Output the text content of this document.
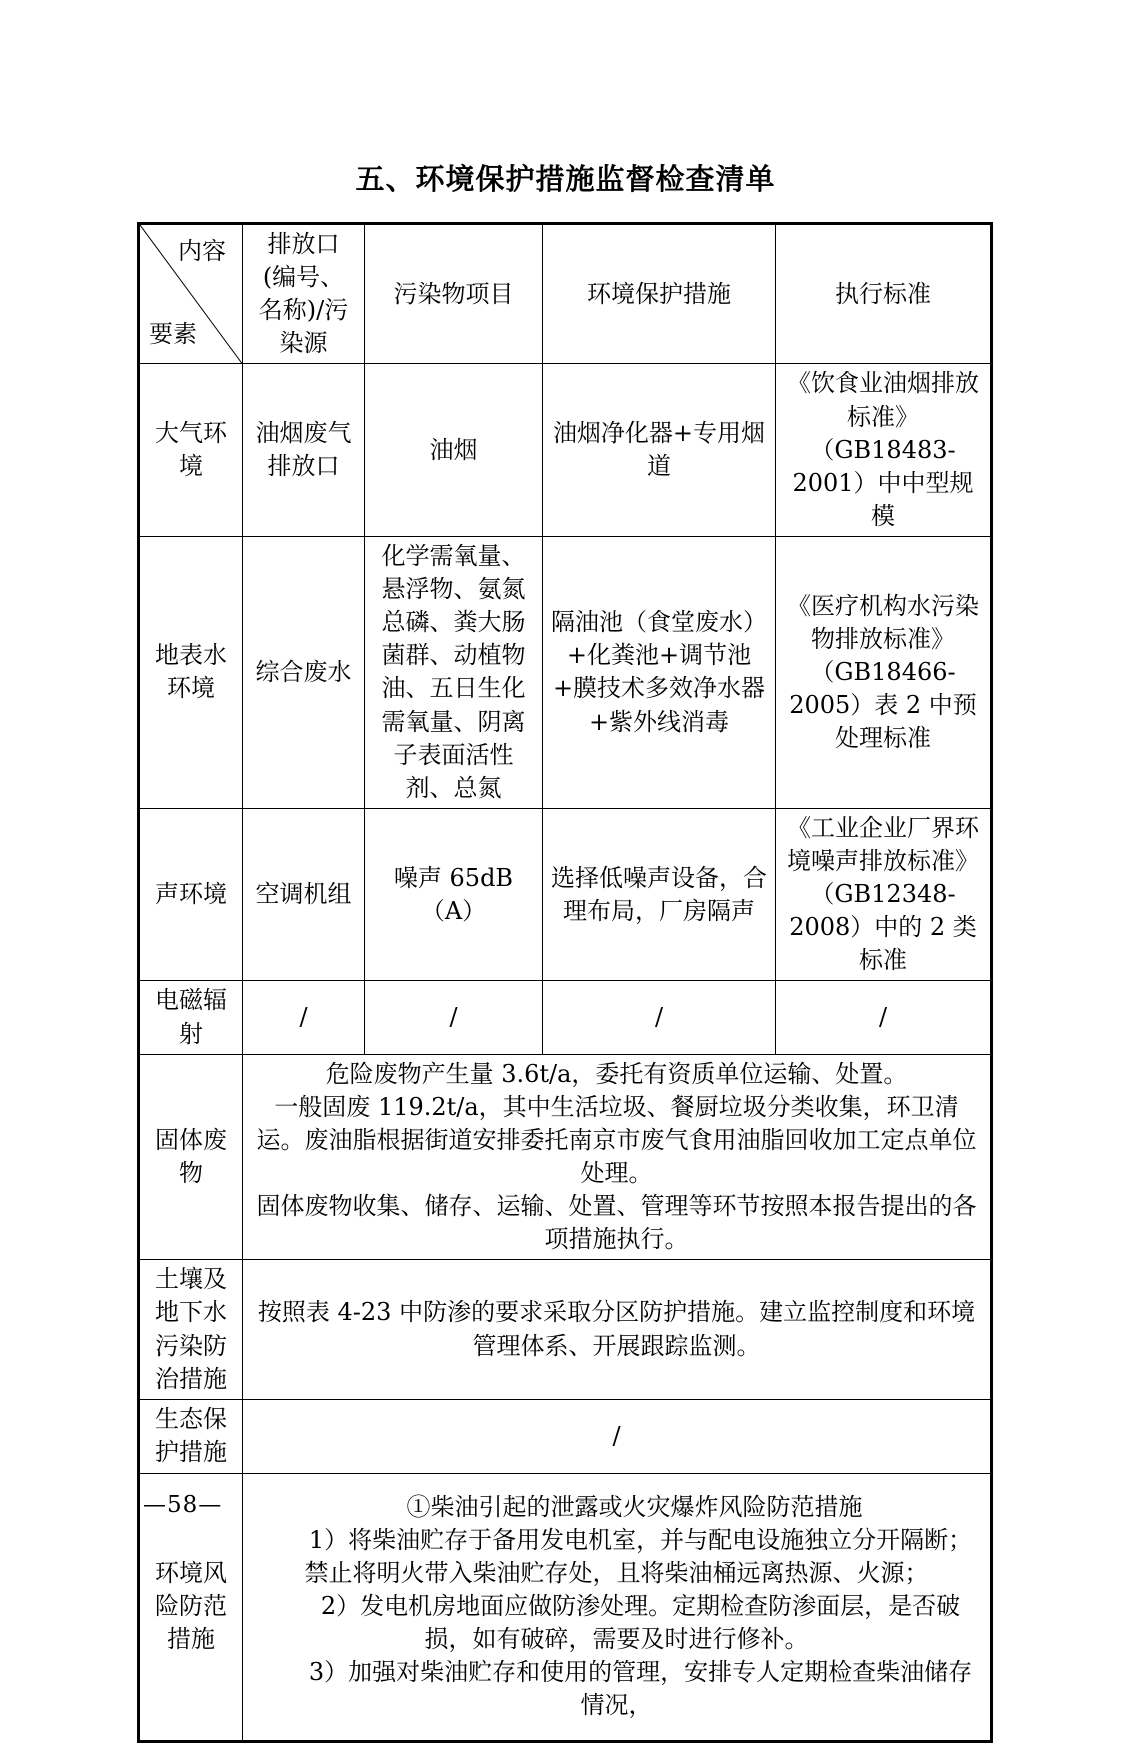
五、环境保护措施监督检查清单
内容
要素	排放口(编号、名称)/污染源	污染物项目	环境保护措施	执行标准
大气环境	油烟废气排放口	油烟	油烟净化器+专用烟道	《饮食业油烟排放标准》（GB18483-2001）中中型规模
地表水环境	综合废水	化学需氧量、悬浮物、氨氮总磷、粪大肠菌群、动植物油、五日生化需氧量、阴离子表面活性剂、总氮	隔油池（食堂废水）+化粪池+调节池+膜技术多效净水器+紫外线消毒	《医疗机构水污染物排放标准》（GB18466-2005）表 2 中预处理标准
声环境	空调机组	噪声 65dB（A）	选择低噪声设备，合理布局，厂房隔声	《工业企业厂界环境噪声排放标准》（GB12348-2008）中的 2 类标准
电磁辐射	/	/	/	/
固体废物	危险废物产生量 3.6t/a，委托有资质单位运输、处置。

一般固废 119.2t/a，其中生活垃圾、餐厨垃圾分类收集，环卫清运。废油脂根据街道安排委托南京市废气食用油脂回收加工定点单位处理。

固体废物收集、储存、运输、处置、管理等环节按照本报告提出的各项措施执行。			

土壤及地下水污染防治措施	按照表 4-23 中防渗的要求采取分区防护措施。建立监控制度和环境管理体系、开展跟踪监测。			
生态保护措施	/			
环境风险防范措施	①柴油引起的泄露或火灾爆炸风险防范措施

1）将柴油贮存于备用发电机室，并与配电设施独立分开隔断；禁止将明火带入柴油贮存处，且将柴油桶远离热源、火源；

2）发电机房地面应做防渗处理。定期检查防渗面层，是否破损，如有破碎，需要及时进行修补。

3）加强对柴油贮存和使用的管理，安排专人定期检查柴油储存情况，			

—58—
